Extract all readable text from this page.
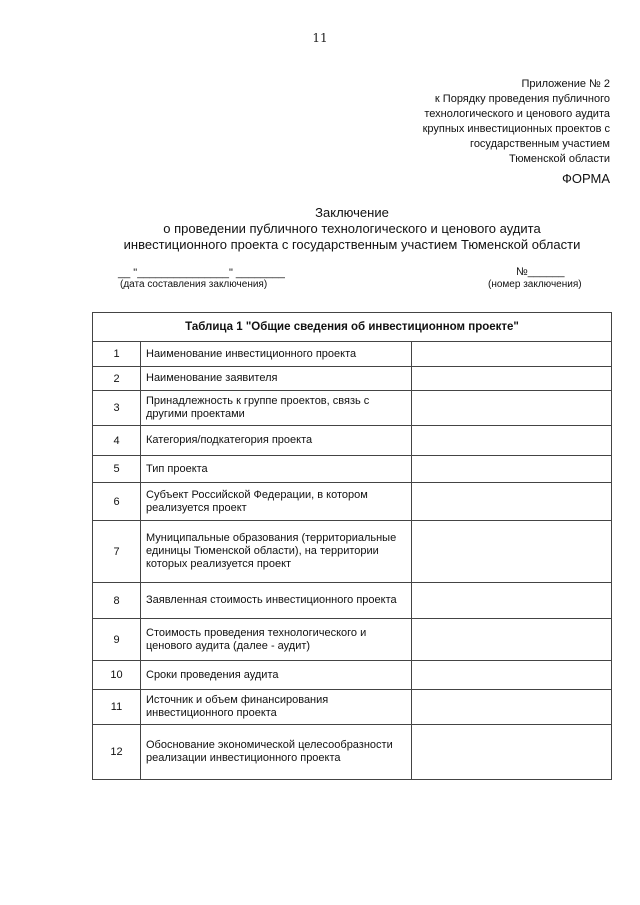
11
Приложение № 2
к Порядку проведения публичного
технологического и ценового аудита
крупных инвестиционных проектов с
государственным участием
Тюменской области
ФОРМА
Заключение
о проведении публичного технологического и ценового аудита
инвестиционного проекта с государственным участием Тюменской области
__ "_______________" ________
(дата составления заключения)
№______
(номер заключения)
Таблица 1 "Общие сведения об инвестиционном проекте"		
1	Наименование инвестиционного проекта	
2	Наименование заявителя	
3	Принадлежность к группе проектов, связь с другими проектами	
4	Категория/подкатегория проекта	
5	Тип проекта	
6	Субъект Российской Федерации, в котором реализуется проект	
7	Муниципальные образования (территориальные единицы Тюменской области), на территории которых реализуется проект	
8	Заявленная стоимость инвестиционного проекта	
9	Стоимость проведения технологического и ценового аудита (далее - аудит)	
10	Сроки проведения аудита	
11	Источник и объем финансирования инвестиционного проекта	
12	Обоснование экономической целесообразности реализации инвестиционного проекта	
